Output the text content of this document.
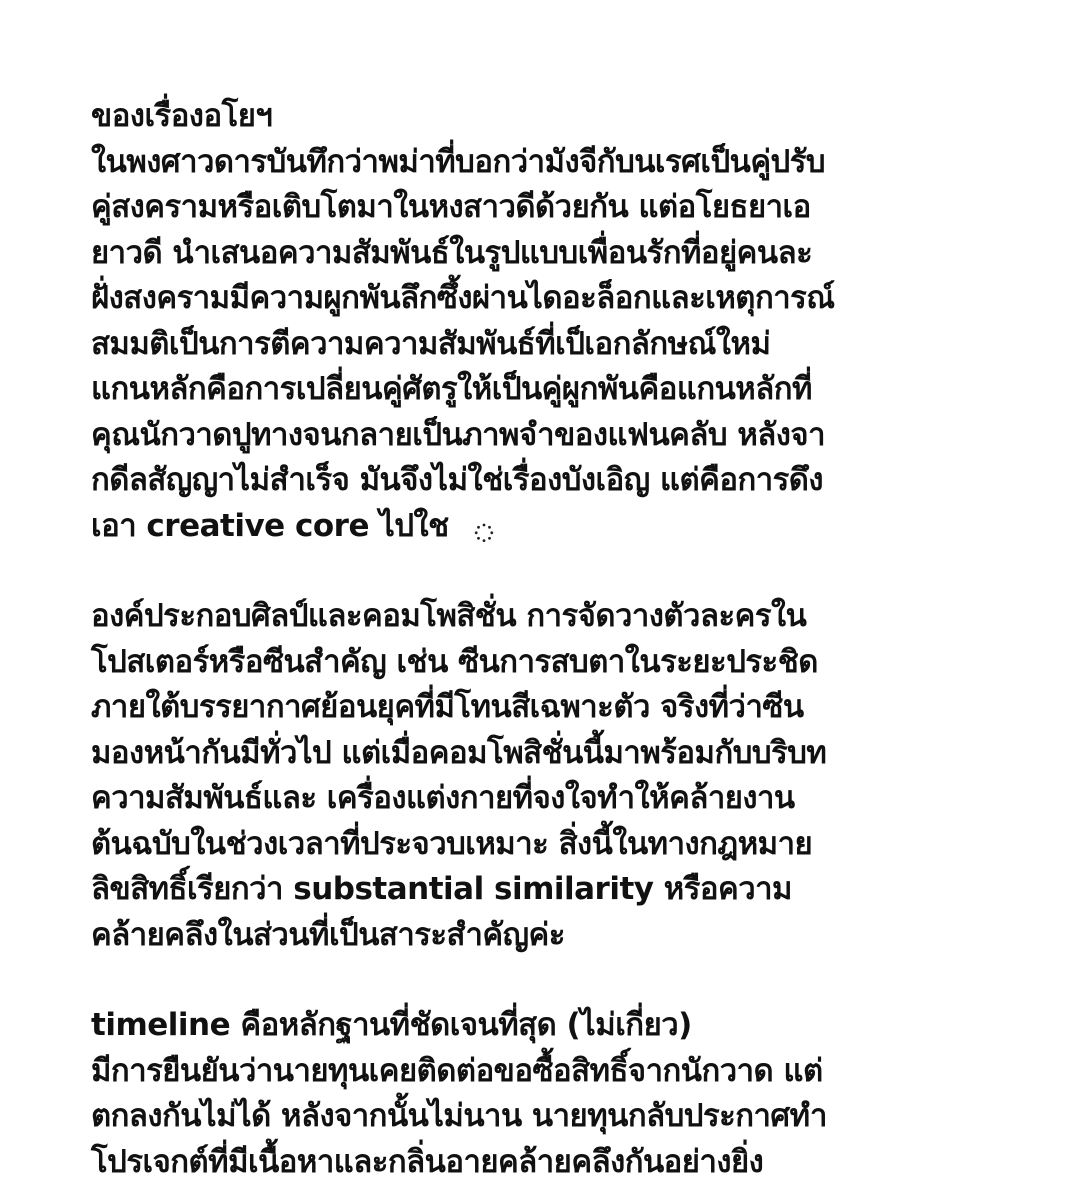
ของเรื่องอโยฯ
ในพงศาวดารบันทึกว่าพม่าที่บอกว่ามังจีกับนเรศเป็นคู่ปรับ
คู่สงครามหรือเติบโตมาในหงสาวดีด้วยกัน แต่อโยธยาเอ
ยาวดี นำเสนอความสัมพันธ์ในรูปแบบเพื่อนรักที่อยู่คนละ
ฝั่งสงครามมีความผูกพันลึกซึ้งผ่านไดอะล็อกและเหตุการณ์
สมมติเป็นการตีความความสัมพันธ์ที่เป็เอกลักษณ์ใหม่
แกนหลักคือการเปลี่ยนคู่ศัตรูให้เป็นคู่ผูกพันคือแกนหลักที่
คุณนักวาดปูทางจนกลายเป็นภาพจำของแฟนคลับ หลังจา
กดีลสัญญาไม่สำเร็จ มันจึงไม่ใช่เรื่องบังเอิญ แต่คือการดึง
เอา creative core ไปใช
องค์ประกอบศิลป์และคอมโพสิชั่น การจัดวางตัวละครใน
โปสเตอร์หรือซีนสำคัญ เช่น ซีนการสบตาในระยะประชิด
ภายใต้บรรยากาศย้อนยุคที่มีโทนสีเฉพาะตัว จริงที่ว่าซีน
มองหน้ากันมีทั่วไป แต่เมื่อคอมโพสิชั่นนี้มาพร้อมกับบริบท
ความสัมพันธ์และ เครื่องแต่งกายที่จงใจทำให้คล้ายงาน
ต้นฉบับในช่วงเวลาที่ประจวบเหมาะ สิ่งนี้ในทางกฎหมาย
ลิขสิทธิ์เรียกว่า substantial similarity หรือความ
คล้ายคลึงในส่วนที่เป็นสาระสำคัญค่ะ
timeline คือหลักฐานที่ชัดเจนที่สุด (ไม่เกี่ยว)
มีการยืนยันว่านายทุนเคยติดต่อขอซื้อสิทธิ์จากนักวาด แต่
ตกลงกันไม่ได้ หลังจากนั้นไม่นาน นายทุนกลับประกาศทำ
โปรเจกต์ที่มีเนื้อหาและกลิ่นอายคล้ายคลึงกันอย่างยิ่ง
